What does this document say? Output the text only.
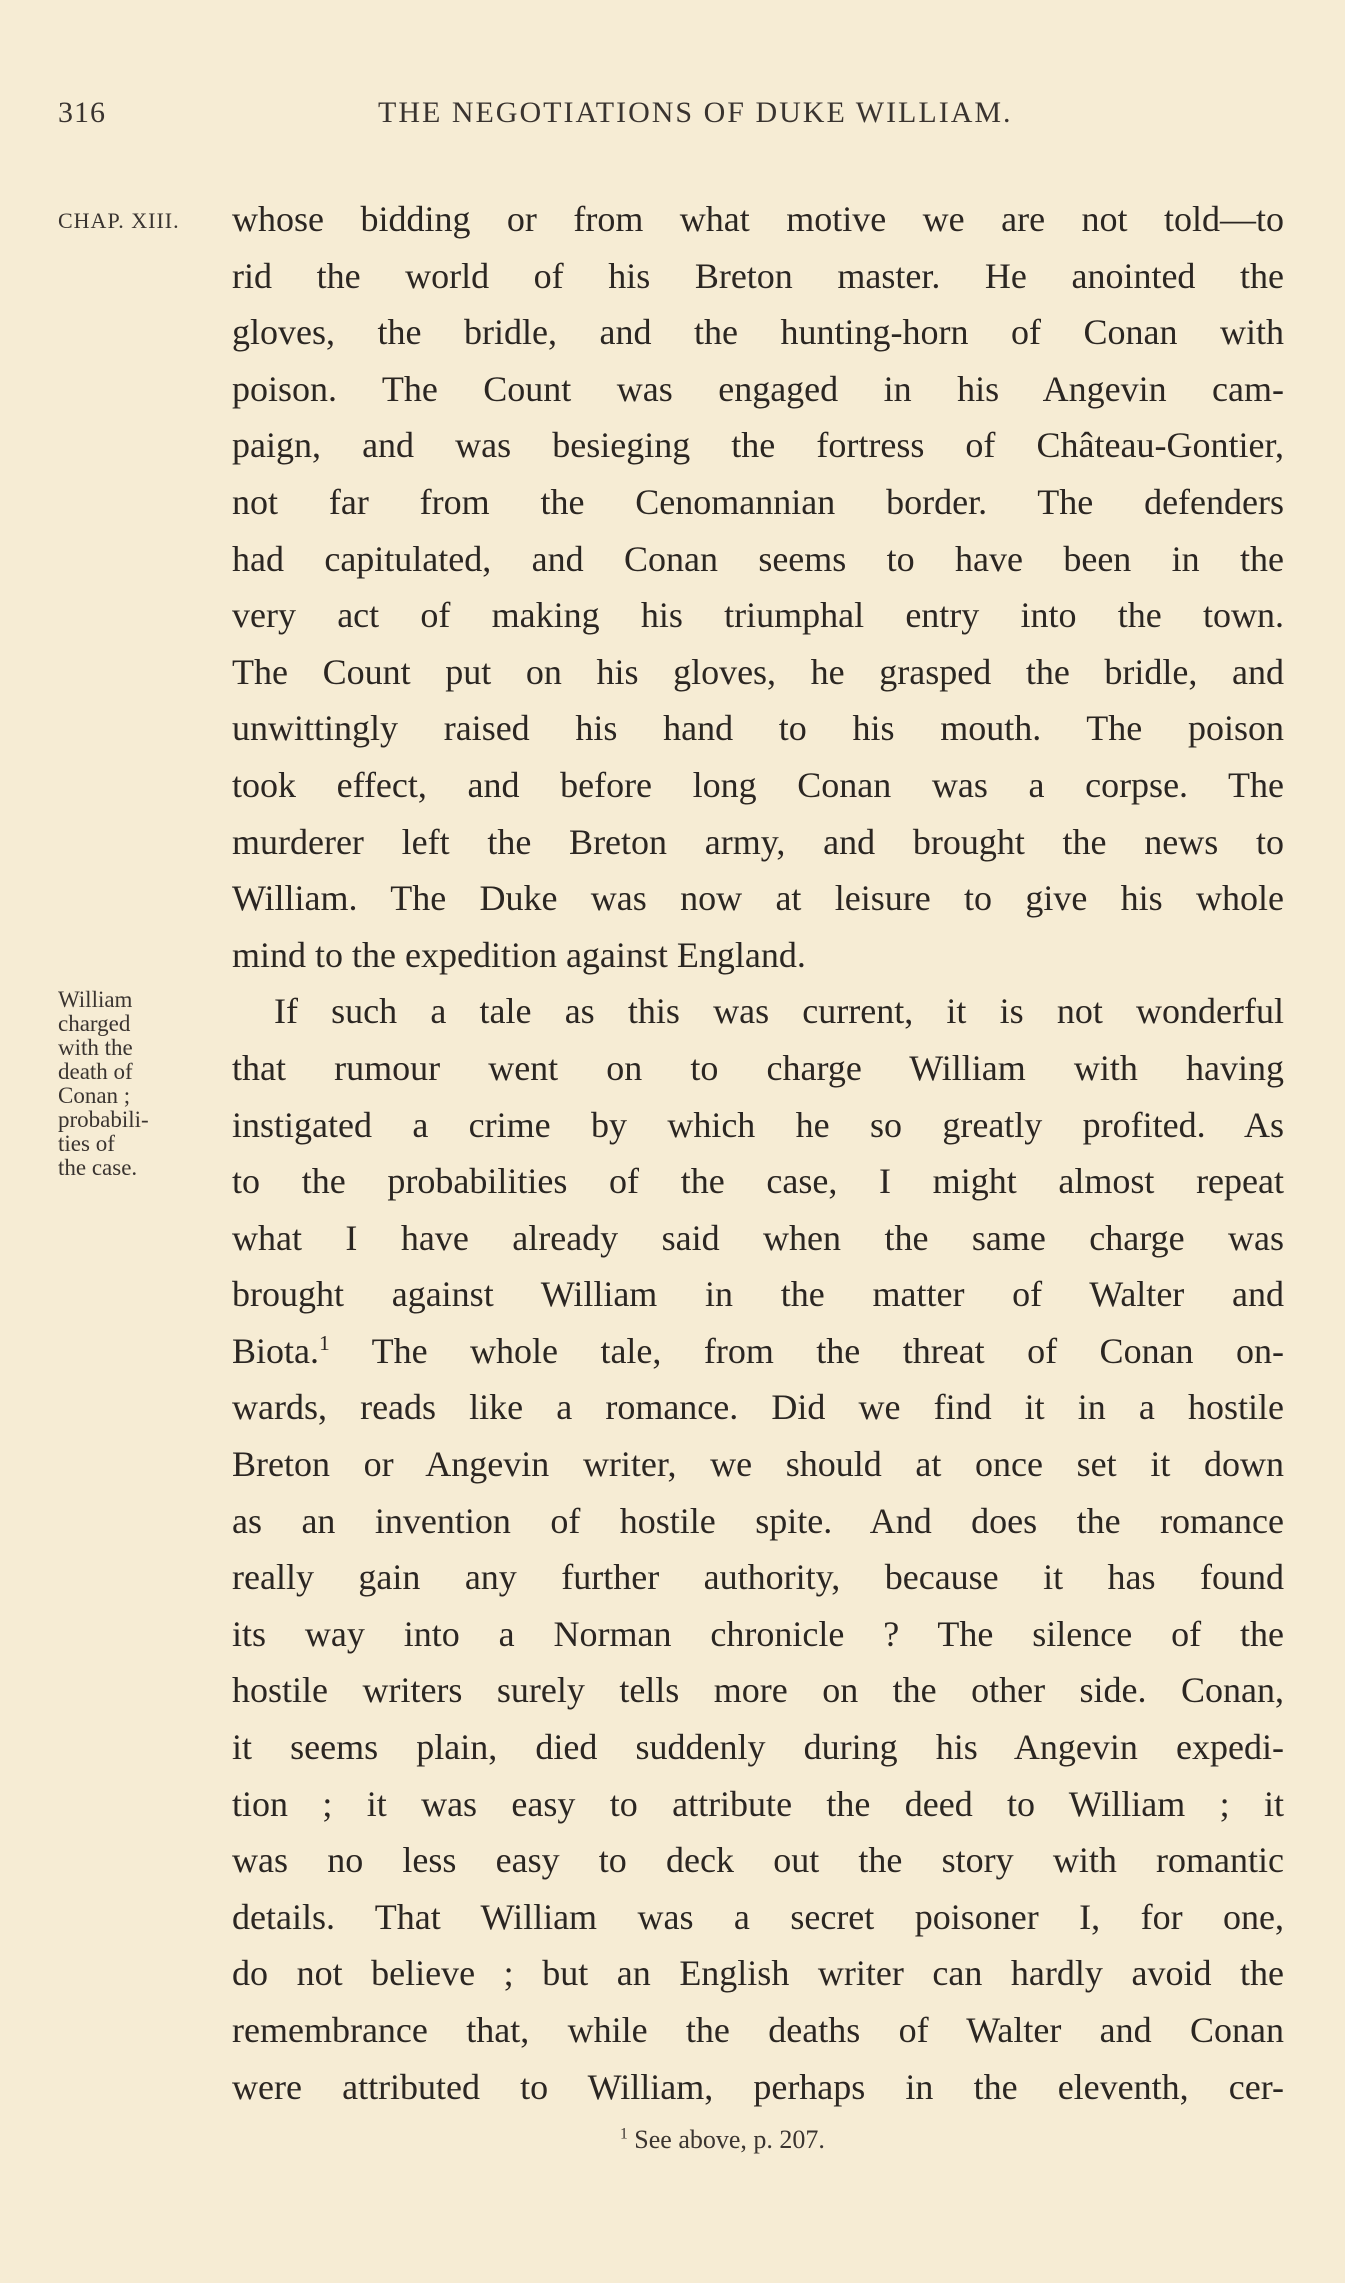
316	THE NEGOTIATIONS OF DUKE WILLIAM.
CHAP. XIII.
William
charged
with the
death of
Conan ;
probabili-
ties of
the case.
whose bidding or from what motive we are not told—to
rid the world of his Breton master. He anointed the
gloves, the bridle, and the hunting-horn of Conan with
poison. The Count was engaged in his Angevin cam-
paign, and was besieging the fortress of Château-Gontier,
not far from the Cenomannian border. The defenders
had capitulated, and Conan seems to have been in the
very act of making his triumphal entry into the town.
The Count put on his gloves, he grasped the bridle, and
unwittingly raised his hand to his mouth. The poison
took effect, and before long Conan was a corpse. The
murderer left the Breton army, and brought the news to
William. The Duke was now at leisure to give his whole
mind to the expedition against England.
If such a tale as this was current, it is not wonderful
that rumour went on to charge William with having
instigated a crime by which he so greatly profited. As
to the probabilities of the case, I might almost repeat
what I have already said when the same charge was
brought against William in the matter of Walter and
Biota.$^1$ The whole tale, from the threat of Conan on-
wards, reads like a romance. Did we find it in a hostile
Breton or Angevin writer, we should at once set it down
as an invention of hostile spite. And does the romance
really gain any further authority, because it has found
its way into a Norman chronicle ? The silence of the
hostile writers surely tells more on the other side. Conan,
it seems plain, died suddenly during his Angevin expedi-
tion ; it was easy to attribute the deed to William ; it
was no less easy to deck out the story with romantic
details. That William was a secret poisoner I, for one,
do not believe ; but an English writer can hardly avoid the
remembrance that, while the deaths of Walter and Conan
were attributed to William, perhaps in the eleventh, cer-
$^1$ See above, p. 207.
